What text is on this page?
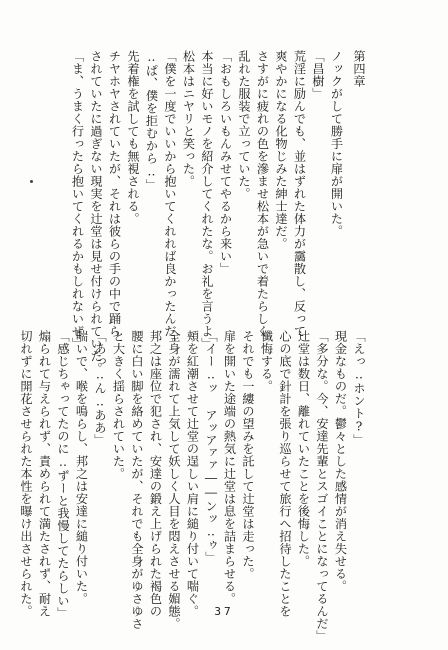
第四章
ノックがして勝手に扉が開いた。
「昌樹」
荒淫に励んでも、並はずれた体力が靄散し、反って
爽やかになる化物じみた紳士達だ。
さすがに疲れの色を滲ませ松本が急いで着たらしく
乱れた服装で立っていた。
「おもしろいもんみせてやるから来い」
本当に好いモノを紹介してくれたな。お礼を言うよ」
松本はニヤリと笑った。
「僕を一度でいいから抱いてくれれば良かったんだ。
‥ぱ、僕を拒むから‥」
先着権を試しても無視される。
チヤホヤされていたが、それは彼らの手の中で踊ら
されていたに過ぎない現実を辻堂は見せ付けられていた。
「ま、うまく行ったら抱いてくれるかもしれないぜ」
「えっ‥ホント?」
現金なものだ。鬱々とした感情が消え失せる。
「多分な。今、安達先輩とスゴイことになってるんだ」
辻堂は数日、離れていたことを後悔した。
心の底で針計を張り巡らせて旅行へ招待したことを
懺悔する。
それでも一縷の望みを託して辻堂は走った。
扉を開いた途端の熱気に辻堂は息を詰まらせる。
「イー‥ッ アッアァァ――ンッ‥ゥ」
頬を紅潮させて辻堂の逞しい肩に縋り付いて喘ぐ。
全身が濡れて上気して妖しく人目を悶えさせる媚態。
邦之は座位で犯され、安達の鍛え上げられた褐色の
腰に白い脚を絡めていたが、それでも全身がゆさゆさ
と大きく揺らされていた。
「あっ‥ん‥ああ」
喘いで、喉を鳴らし、邦之は安達に縋り付いた。
「感じちゃってたのに‥ずーと我慢してたらしい」
煽られて与えられず、責められて満たされず、耐え
切れずに開花させられた本性を曝け出させられた。	37
